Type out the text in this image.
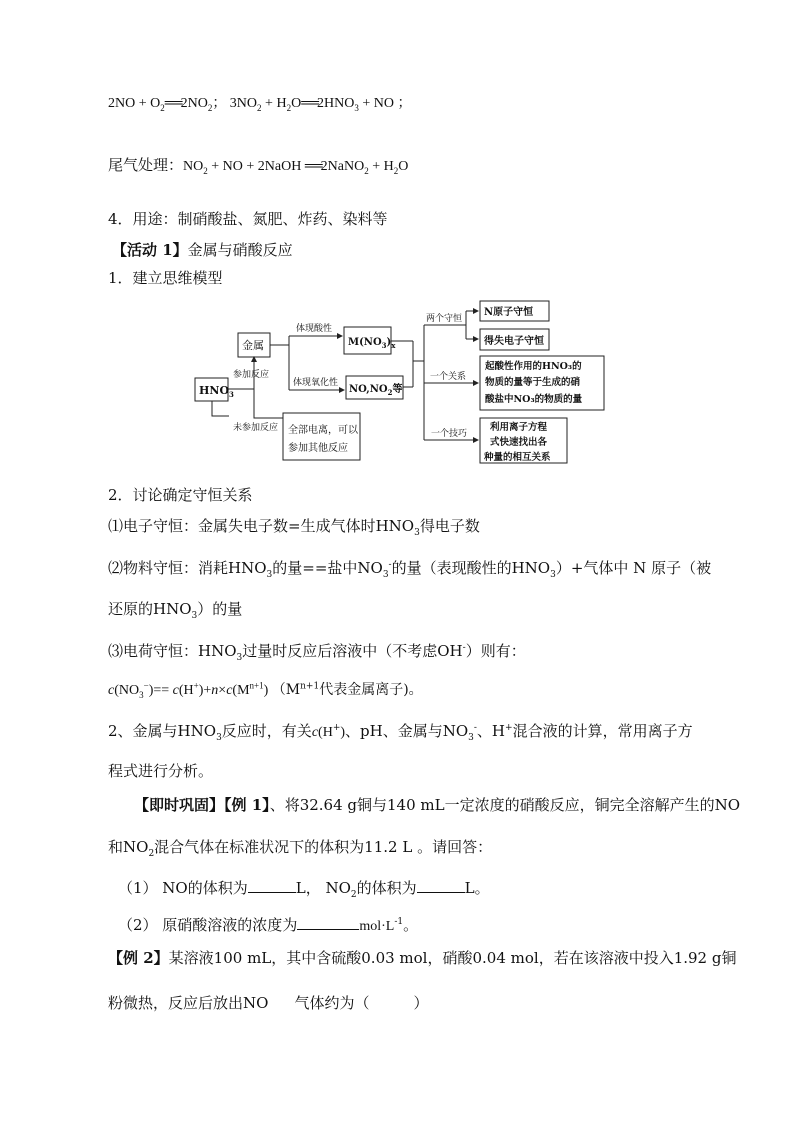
$2NO + O_2══2NO_2$； $3NO_2$ + $H_2O══2HNO_3$ + NO ；
尾气处理：$NO_2$ + NO + 2NaOH ══2NaNO$_2$ + $H_2O$
4．用途：制硝酸盐、氮肥、炸药、染料等
【活动 1】金属与硝酸反应
1．建立思维模型
$HNO_3$
金属
参加反应
未参加反应
体现酸性
体现氧化性
$M(NO_3)_x$
$NO,NO_2$等
全部电离，可以
参加其他反应
两个守恒
一个关系
一个技巧
N原子守恒
得失电子守恒
起酸性作用的HNO₃的
物质的量等于生成的硝
酸盐中NO₃的物质的量
利用离子方程
式快速找出各
种量的相互关系
2．讨论确定守恒关系
⑴电子守恒：金属失电子数=生成气体时$HNO_3$得电子数
⑵物料守恒：消耗$HNO_3$的量==盐中$NO_3^-$的量（表现酸性的$HNO_3)+$气体中 N 原子（被
还原的$HNO_3$）的量
⑶电荷守恒：$HNO_3$过量时反应后溶液中（不考虑OH-）则有：
$c(NO_3^-)== c(H^+)+n\times c(M^{n+1})$ （$M^{n+1}$代表金属离子)。
2、金属与$HNO_3$反应时，有关c(H+)、pH、金属与$NO_3^-$、H+混合液的计算，常用离子方
程式进行分析。
【即时巩固】【例 1】、将32.64 g铜与140 mL一定浓度的硝酸反应，铜完全溶解产生的NO
和$NO_2$混合气体在标准状况下的体积为11.2 L 。请回答：
（1） NO的体积为	L， $NO_2$的体积为	L。
（2） 原硝酸溶液的浓度为	$mol\cdot L^{-1}$。
【例 2】某溶液100 mL，其中含硫酸0.03 mol，硝酸0.04 mol，若在该溶液中投入1.92 g铜
粉微热，反应后放出NO 气体约为（	）
